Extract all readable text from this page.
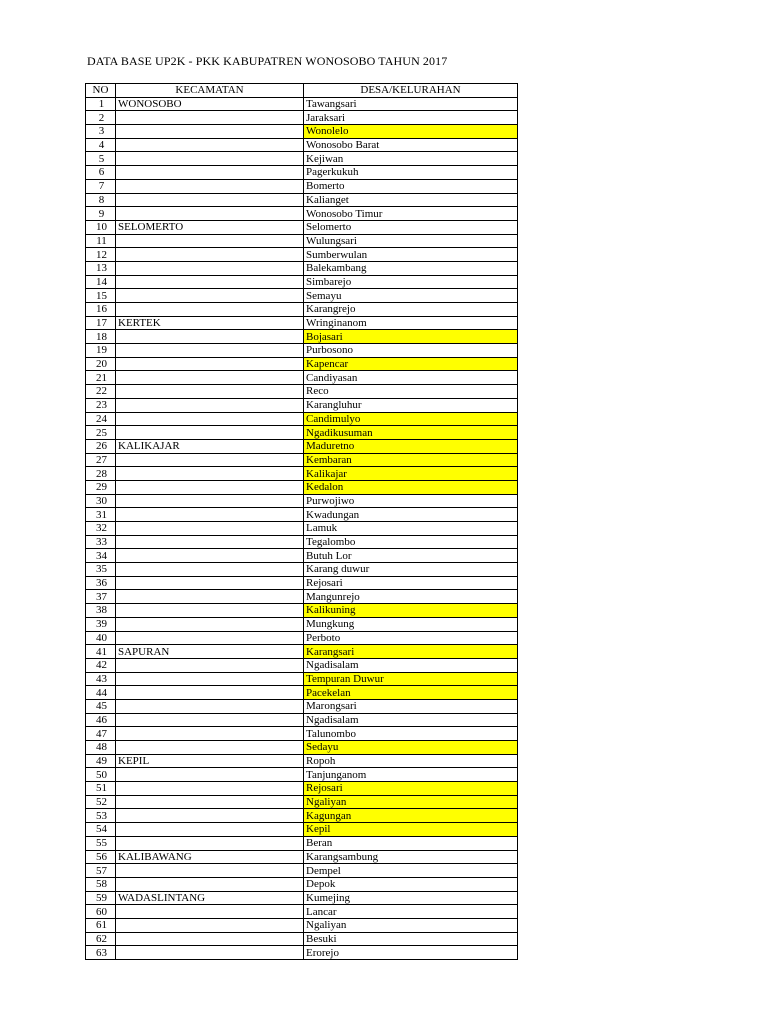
DATA BASE UP2K - PKK KABUPATREN WONOSOBO TAHUN 2017
NO	KECAMATAN	DESA/KELURAHAN
1	WONOSOBO	Tawangsari
2		Jaraksari
3		Wonolelo
4		Wonosobo Barat
5		Kejiwan
6		Pagerkukuh
7		Bomerto
8		Kalianget
9		Wonosobo Timur
10	SELOMERTO	Selomerto
11		Wulungsari
12		Sumberwulan
13		Balekambang
14		Simbarejo
15		Semayu
16		Karangrejo
17	KERTEK	Wringinanom
18		Bojasari
19		Purbosono
20		Kapencar
21		Candiyasan
22		Reco
23		Karangluhur
24		Candimulyo
25		Ngadikusuman
26	KALIKAJAR	Maduretno
27		Kembaran
28		Kalikajar
29		Kedalon
30		Purwojiwo
31		Kwadungan
32		Lamuk
33		Tegalombo
34		Butuh Lor
35		Karang duwur
36		Rejosari
37		Mangunrejo
38		Kalikuning
39		Mungkung
40		Perboto
41	SAPURAN	Karangsari
42		Ngadisalam
43		Tempuran Duwur
44		Pacekelan
45		Marongsari
46		Ngadisalam
47		Talunombo
48		Sedayu
49	KEPIL	Ropoh
50		Tanjunganom
51		Rejosari
52		Ngaliyan
53		Kagungan
54		Kepil
55		Beran
56	KALIBAWANG	Karangsambung
57		Dempel
58		Depok
59	WADASLINTANG	Kumejing
60		Lancar
61		Ngaliyan
62		Besuki
63		Erorejo
